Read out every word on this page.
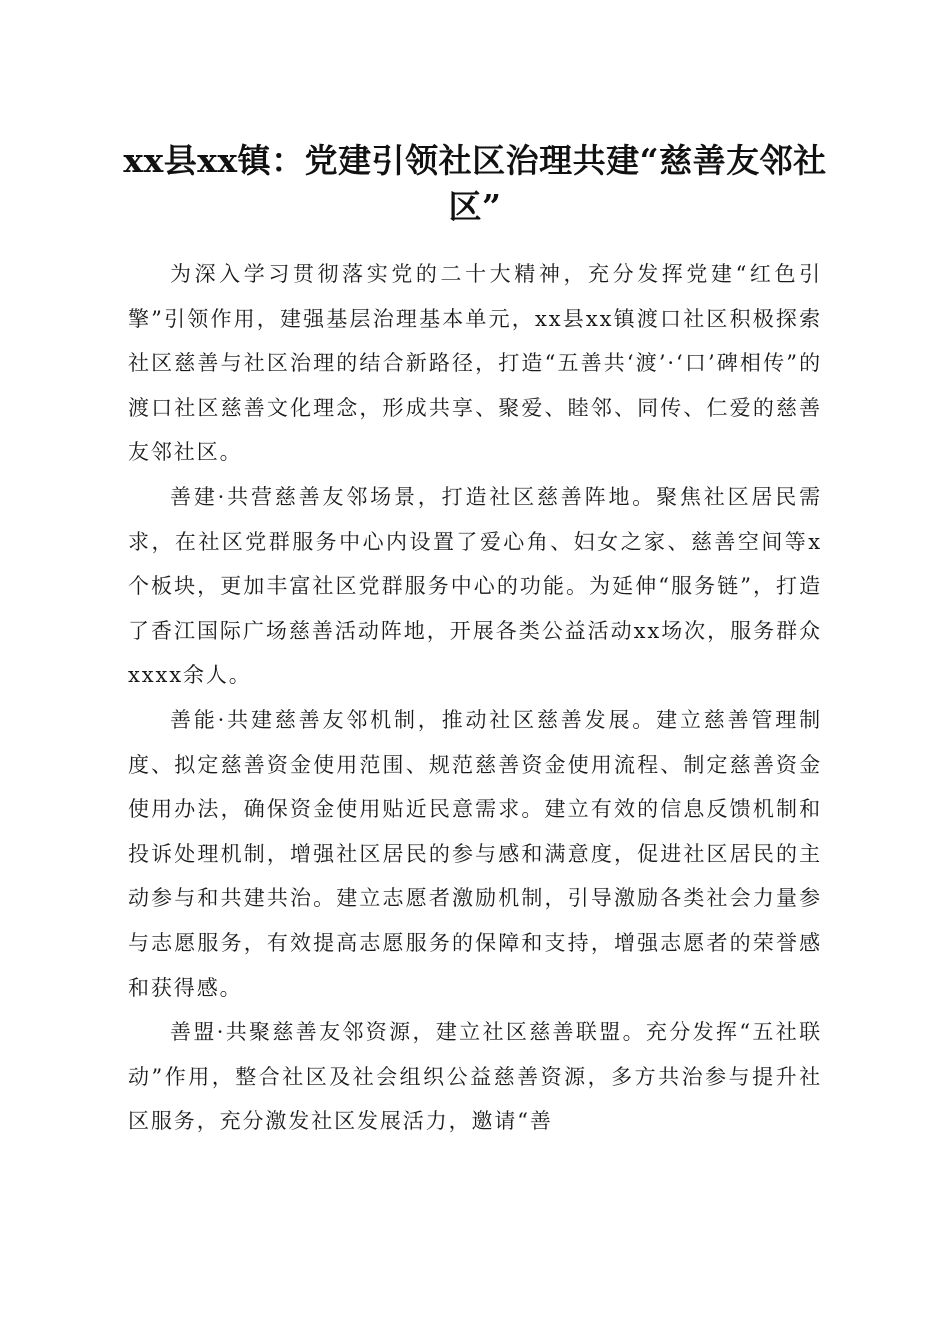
xx县xx镇：党建引领社区治理共建“慈善友邻社区”

为深入学习贯彻落实党的二十大精神，充分发挥党建“红色引擎”引领作用，建强基层治理基本单元，xx县xx镇渡口社区积极探索社区慈善与社区治理的结合新路径，打造“五善共‘渡’·‘口’碑相传”的渡口社区慈善文化理念，形成共享、聚爱、睦邻、同传、仁爱的慈善友邻社区。

善建·共营慈善友邻场景，打造社区慈善阵地。聚焦社区居民需求，在社区党群服务中心内设置了爱心角、妇女之家、慈善空间等x个板块，更加丰富社区党群服务中心的功能。为延伸“服务链”，打造了香江国际广场慈善活动阵地，开展各类公益活动xx场次，服务群众xxxx余人。

善能·共建慈善友邻机制，推动社区慈善发展。建立慈善管理制度、拟定慈善资金使用范围、规范慈善资金使用流程、制定慈善资金使用办法，确保资金使用贴近民意需求。建立有效的信息反馈机制和投诉处理机制，增强社区居民的参与感和满意度，促进社区居民的主动参与和共建共治。建立志愿者激励机制，引导激励各类社会力量参与志愿服务，有效提高志愿服务的保障和支持，增强志愿者的荣誉感和获得感。

善盟·共聚慈善友邻资源，建立社区慈善联盟。充分发挥“五社联动”作用，整合社区及社会组织公益慈善资源，多方共治参与提升社区服务，充分激发社区发展活力，邀请“善
